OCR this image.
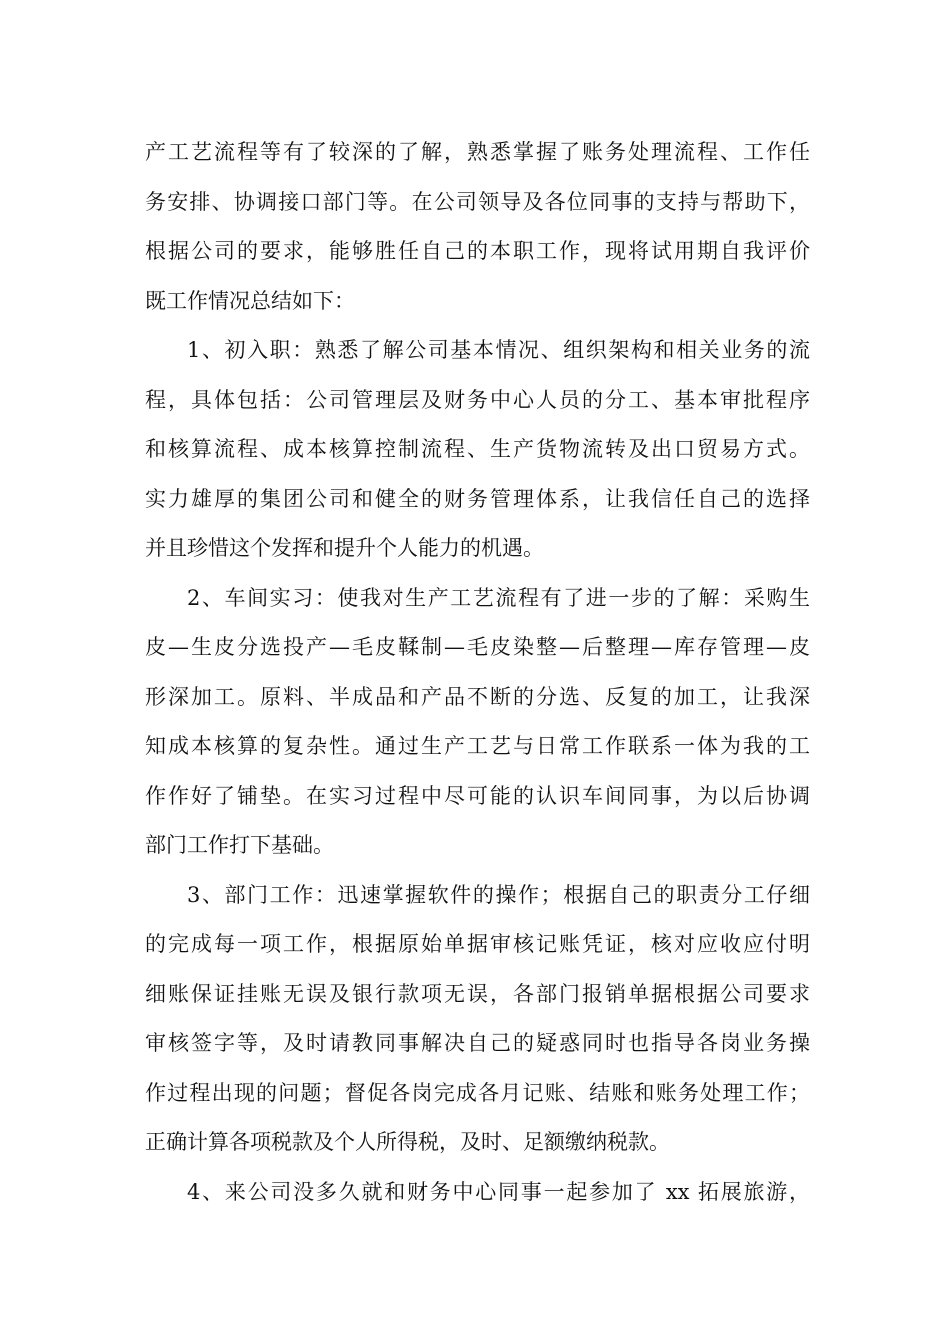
产工艺流程等有了较深的了解，熟悉掌握了账务处理流程、工作任
务安排、协调接口部门等。在公司领导及各位同事的支持与帮助下，
根据公司的要求，能够胜任自己的本职工作，现将试用期自我评价
既工作情况总结如下：
1、初入职：熟悉了解公司基本情况、组织架构和相关业务的流
程，具体包括：公司管理层及财务中心人员的分工、基本审批程序
和核算流程、成本核算控制流程、生产货物流转及出口贸易方式。
实力雄厚的集团公司和健全的财务管理体系，让我信任自己的选择
并且珍惜这个发挥和提升个人能力的机遇。
2、车间实习：使我对生产工艺流程有了进一步的了解：采购生
皮—生皮分选投产—毛皮鞣制—毛皮染整—后整理—库存管理—皮
形深加工。原料、半成品和产品不断的分选、反复的加工，让我深
知成本核算的复杂性。通过生产工艺与日常工作联系一体为我的工
作作好了铺垫。在实习过程中尽可能的认识车间同事，为以后协调
部门工作打下基础。
3、部门工作：迅速掌握软件的操作；根据自己的职责分工仔细
的完成每一项工作，根据原始单据审核记账凭证，核对应收应付明
细账保证挂账无误及银行款项无误，各部门报销单据根据公司要求
审核签字等，及时请教同事解决自己的疑惑同时也指导各岗业务操
作过程出现的问题；督促各岗完成各月记账、结账和账务处理工作；
正确计算各项税款及个人所得税，及时、足额缴纳税款。
4、来公司没多久就和财务中心同事一起参加了 xx 拓展旅游，
